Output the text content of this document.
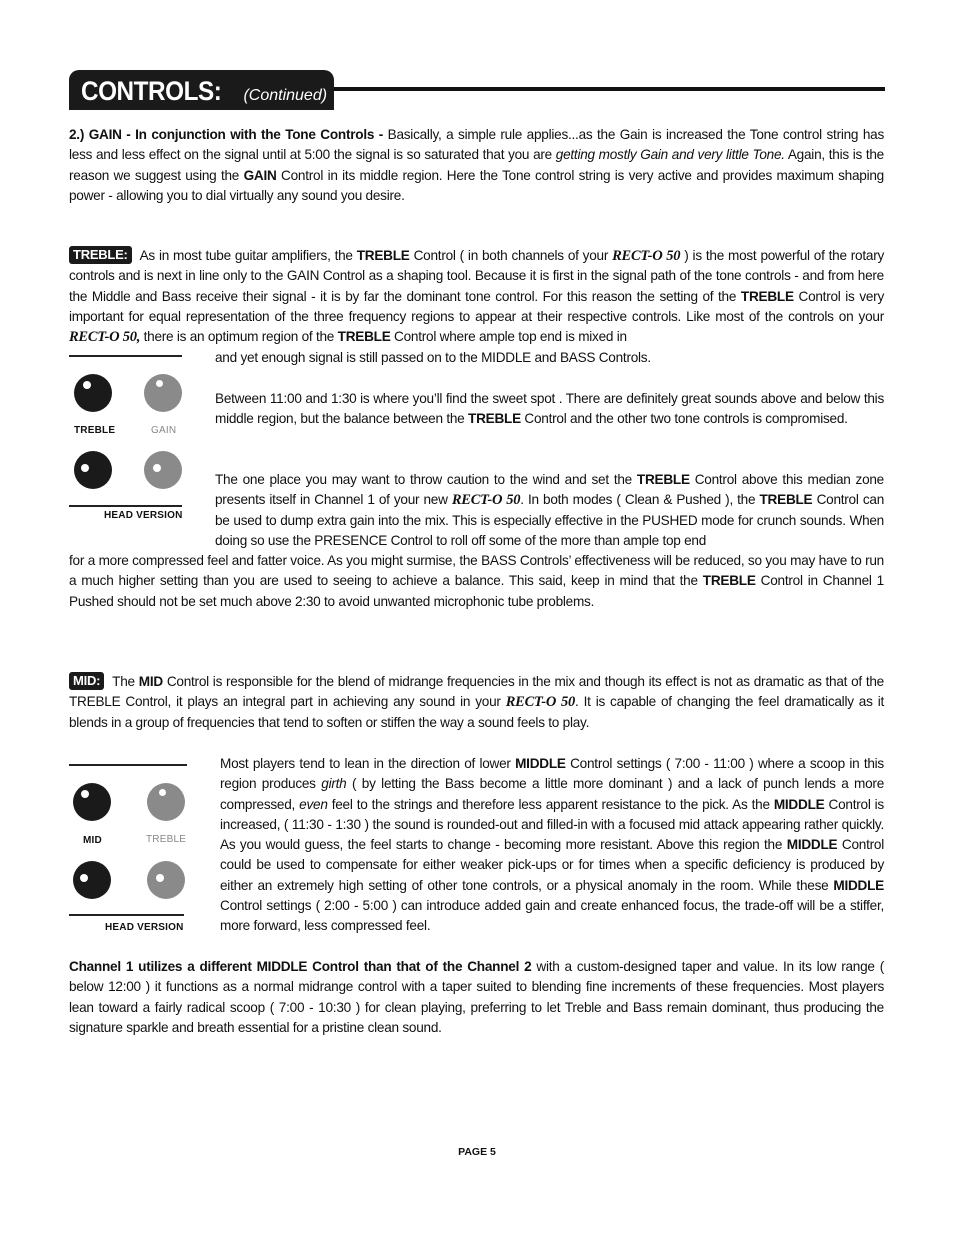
CONTROLS: (Continued)

2.) GAIN - In conjunction with the Tone Controls - Basically, a simple rule applies...as the Gain is increased the Tone control string has less and less effect on the signal until at 5:00 the signal is so saturated that you are getting mostly Gain and very little Tone. Again, this is the reason we suggest using the GAIN Control in its middle region. Here the Tone control string is very active and provides maximum shaping power - allowing you to dial virtually any sound you desire.

TREBLE: As in most tube guitar amplifiers, the TREBLE Control ( in both channels of your RECT-O 50 ) is the most powerful of the rotary controls and is next in line only to the GAIN Control as a shaping tool. Because it is first in the signal path of the tone controls - and from here the Middle and Bass receive their signal - it is by far the dominant tone control. For this reason the setting of the TREBLE Control is very important for equal representation of the three frequency regions to appear at their respective controls. Like most of the controls on your RECT-O 50, there is an optimum region of the TREBLE Control where ample top end is mixed in

and yet enough signal is still passed on to the MIDDLE and BASS Controls.

Between 11:00 and 1:30 is where you’ll find the sweet spot . There are definitely great sounds above and below this middle region, but the balance between the TREBLE Control and the other two tone controls is compromised.

The one place you may want to throw caution to the wind and set the TREBLE Control above this median zone presents itself in Channel 1 of your new RECT-O 50. In both modes ( Clean & Pushed ), the TREBLE Control can be used to dump extra gain into the mix. This is especially effective in the PUSHED mode for crunch sounds. When doing so use the PRESENCE Control to roll off some of the more than ample top end

for a more compressed feel and fatter voice. As you might surmise, the BASS Controls’ effectiveness will be reduced, so you may have to run a much higher setting than you are used to seeing to achieve a balance. This said, keep in mind that the TREBLE Control in Channel 1 Pushed should not be set much above 2:30 to avoid unwanted microphonic tube problems.

TREBLE	GAIN
HEAD VERSION

MID: The MID Control is responsible for the blend of midrange frequencies in the mix and though its effect is not as dramatic as that of the TREBLE Control, it plays an integral part in achieving any sound in your RECT-O 50. It is capable of changing the feel dramatically as it blends in a group of frequencies that tend to soften or stiffen the way a sound feels to play.

Most players tend to lean in the direction of lower MIDDLE Control settings ( 7:00 - 11:00 ) where a scoop in this region produces girth ( by letting the Bass become a little more dominant ) and a lack of punch lends a more compressed, even feel to the strings and therefore less apparent resistance to the pick. As the MIDDLE Control is increased, ( 11:30 - 1:30 ) the sound is rounded-out and filled-in with a focused mid attack appearing rather quickly. As you would guess, the feel starts to change - becoming more resistant. Above this region the MIDDLE Control could be used to compensate for either weaker pick-ups or for times when a specific deficiency is produced by either an extremely high setting of other tone controls, or a physical anomaly in the room. While these MIDDLE Control settings ( 2:00 - 5:00 ) can introduce added gain and create enhanced focus, the trade-off will be a stiffer, more forward, less compressed feel.

MID	TREBLE
HEAD VERSION

Channel 1 utilizes a different MIDDLE Control than that of the Channel 2 with a custom-designed taper and value. In its low range ( below 12:00 ) it functions as a normal midrange control with a taper suited to blending fine increments of these frequencies. Most players lean toward a fairly radical scoop ( 7:00 - 10:30 ) for clean playing, preferring to let Treble and Bass remain dominant, thus producing the signature sparkle and breath essential for a pristine clean sound.

PAGE 5
